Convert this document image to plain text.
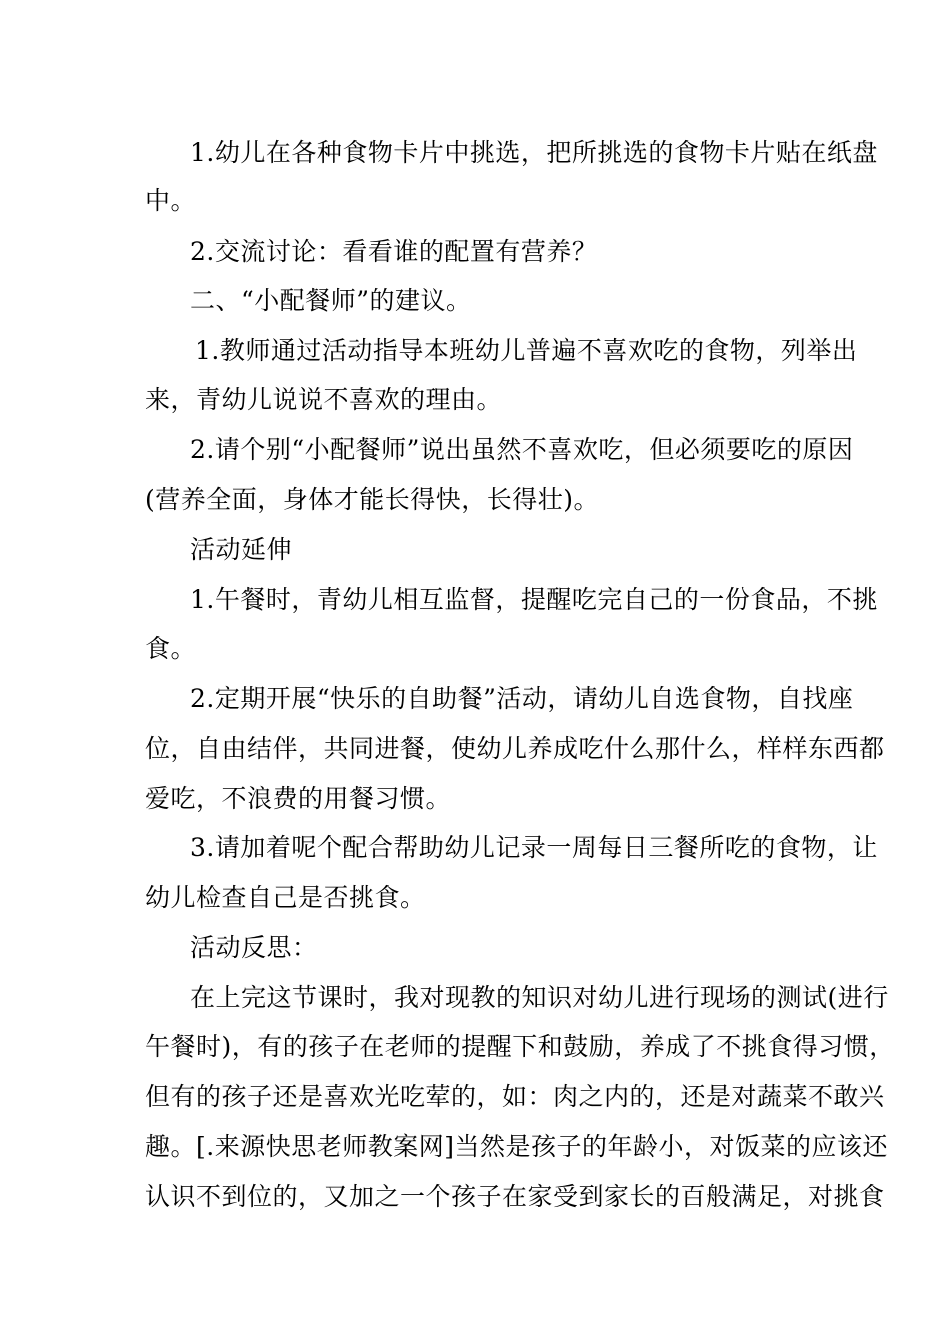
1.幼儿在各种食物卡片中挑选，把所挑选的食物卡片贴在纸盘
中。
2.交流讨论：看看谁的配置有营养？
二、“小配餐师”的建议。
1.教师通过活动指导本班幼儿普遍不喜欢吃的食物，列举出
来，青幼儿说说不喜欢的理由。
2.请个别“小配餐师”说出虽然不喜欢吃，但必须要吃的原因
(营养全面，身体才能长得快，长得壮)。
活动延伸
1.午餐时，青幼儿相互监督，提醒吃完自己的一份食品，不挑
食。
2.定期开展“快乐的自助餐”活动，请幼儿自选食物，自找座
位，自由结伴，共同进餐，使幼儿养成吃什么那什么，样样东西都
爱吃，不浪费的用餐习惯。
3.请加着呢个配合帮助幼儿记录一周每日三餐所吃的食物，让
幼儿检查自己是否挑食。
活动反思：
在上完这节课时，我对现教的知识对幼儿进行现场的测试(进行
午餐时)，有的孩子在老师的提醒下和鼓励，养成了不挑食得习惯，
但有的孩子还是喜欢光吃荤的，如：肉之内的，还是对蔬菜不敢兴
趣。[.来源快思老师教案网]当然是孩子的年龄小，对饭菜的应该还
认识不到位的，又加之一个孩子在家受到家长的百般满足，对挑食
